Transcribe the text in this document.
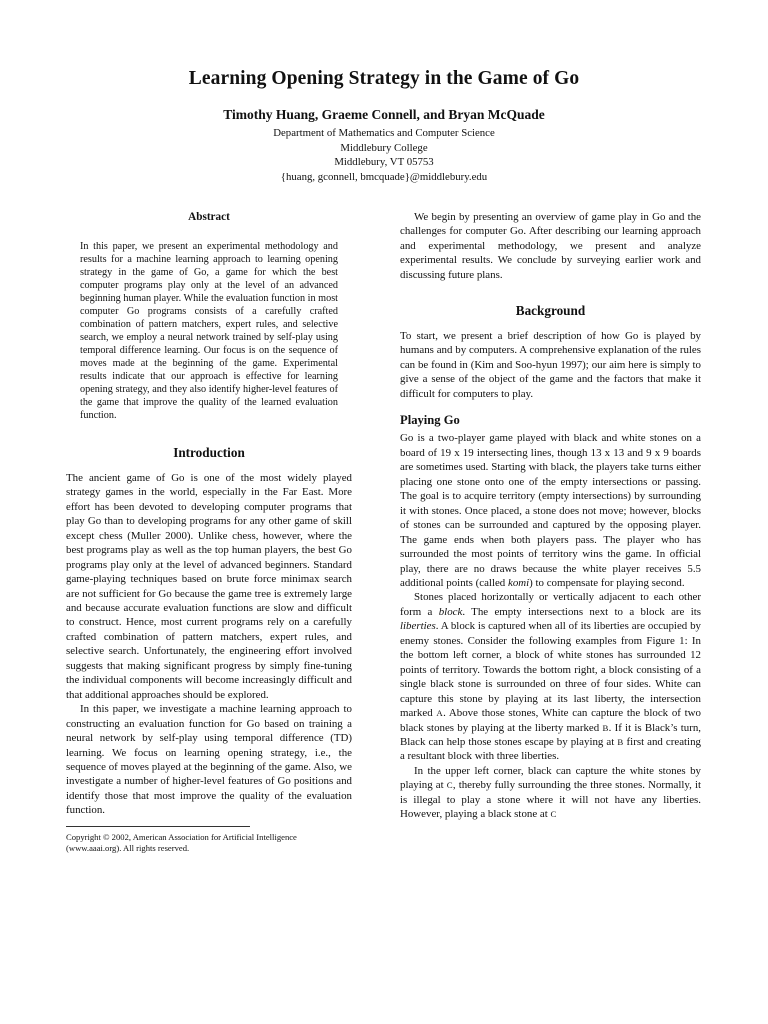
Learning Opening Strategy in the Game of Go
Timothy Huang, Graeme Connell, and Bryan McQuade
Department of Mathematics and Computer Science
Middlebury College
Middlebury, VT 05753
{huang, gconnell, bmcquade}@middlebury.edu
Abstract

In this paper, we present an experimental methodology and results for a machine learning approach to learning opening strategy in the game of Go, a game for which the best computer programs play only at the level of an advanced beginning human player. While the evaluation function in most computer Go programs consists of a carefully crafted combination of pattern matchers, expert rules, and selective search, we employ a neural network trained by self-play using temporal difference learning. Our focus is on the sequence of moves made at the beginning of the game. Experimental results indicate that our approach is effective for learning opening strategy, and they also identify higher-level features of the game that improve the quality of the learned evaluation function.

Introduction

The ancient game of Go is one of the most widely played strategy games in the world, especially in the Far East. More effort has been devoted to developing computer programs that play Go than to developing programs for any other game of skill except chess (Muller 2000). Unlike chess, however, where the best programs play as well as the top human players, the best Go programs play only at the level of advanced beginners. Standard game-playing techniques based on brute force minimax search are not sufficient for Go because the game tree is extremely large and because accurate evaluation functions are slow and difficult to construct. Hence, most current programs rely on a carefully crafted combination of pattern matchers, expert rules, and selective search. Unfortunately, the engineering effort involved suggests that making significant progress by simply fine-tuning the individual components will become increasingly difficult and that additional approaches should be explored.

In this paper, we investigate a machine learning approach to constructing an evaluation function for Go based on training a neural network by self-play using temporal difference (TD) learning. We focus on learning opening strategy, i.e., the sequence of moves played at the beginning of the game. Also, we investigate a number of higher-level features of Go positions and identify those that most improve the quality of the evaluation function.

Copyright © 2002, American Association for Artificial Intelligence (www.aaai.org). All rights reserved.

We begin by presenting an overview of game play in Go and the challenges for computer Go. After describing our learning approach and experimental methodology, we present and analyze experimental results. We conclude by surveying earlier work and discussing future plans.

Background

To start, we present a brief description of how Go is played by humans and by computers. A comprehensive explanation of the rules can be found in (Kim and Soo-hyun 1997); our aim here is simply to give a sense of the object of the game and the factors that make it difficult for computers to play.

Playing Go

Go is a two-player game played with black and white stones on a board of 19 x 19 intersecting lines, though 13 x 13 and 9 x 9 boards are sometimes used. Starting with black, the players take turns either placing one stone onto one of the empty intersections or passing. The goal is to acquire territory (empty intersections) by surrounding it with stones. Once placed, a stone does not move; however, blocks of stones can be surrounded and captured by the opposing player. The game ends when both players pass. The player who has surrounded the most points of territory wins the game. In official play, there are no draws because the white player receives 5.5 additional points (called komi) to compensate for playing second.

Stones placed horizontally or vertically adjacent to each other form a block. The empty intersections next to a block are its liberties. A block is captured when all of its liberties are occupied by enemy stones. Consider the following examples from Figure 1: In the bottom left corner, a block of white stones has surrounded 12 points of territory. Towards the bottom right, a block consisting of a single black stone is surrounded on three of four sides. White can capture this stone by playing at its last liberty, the intersection marked A. Above those stones, White can capture the block of two black stones by playing at the liberty marked B. If it is Black’s turn, Black can help those stones escape by playing at B first and creating a resultant block with three liberties.

In the upper left corner, black can capture the white stones by playing at C, thereby fully surrounding the three stones. Normally, it is illegal to play a stone where it will not have any liberties. However, playing a black stone at C
